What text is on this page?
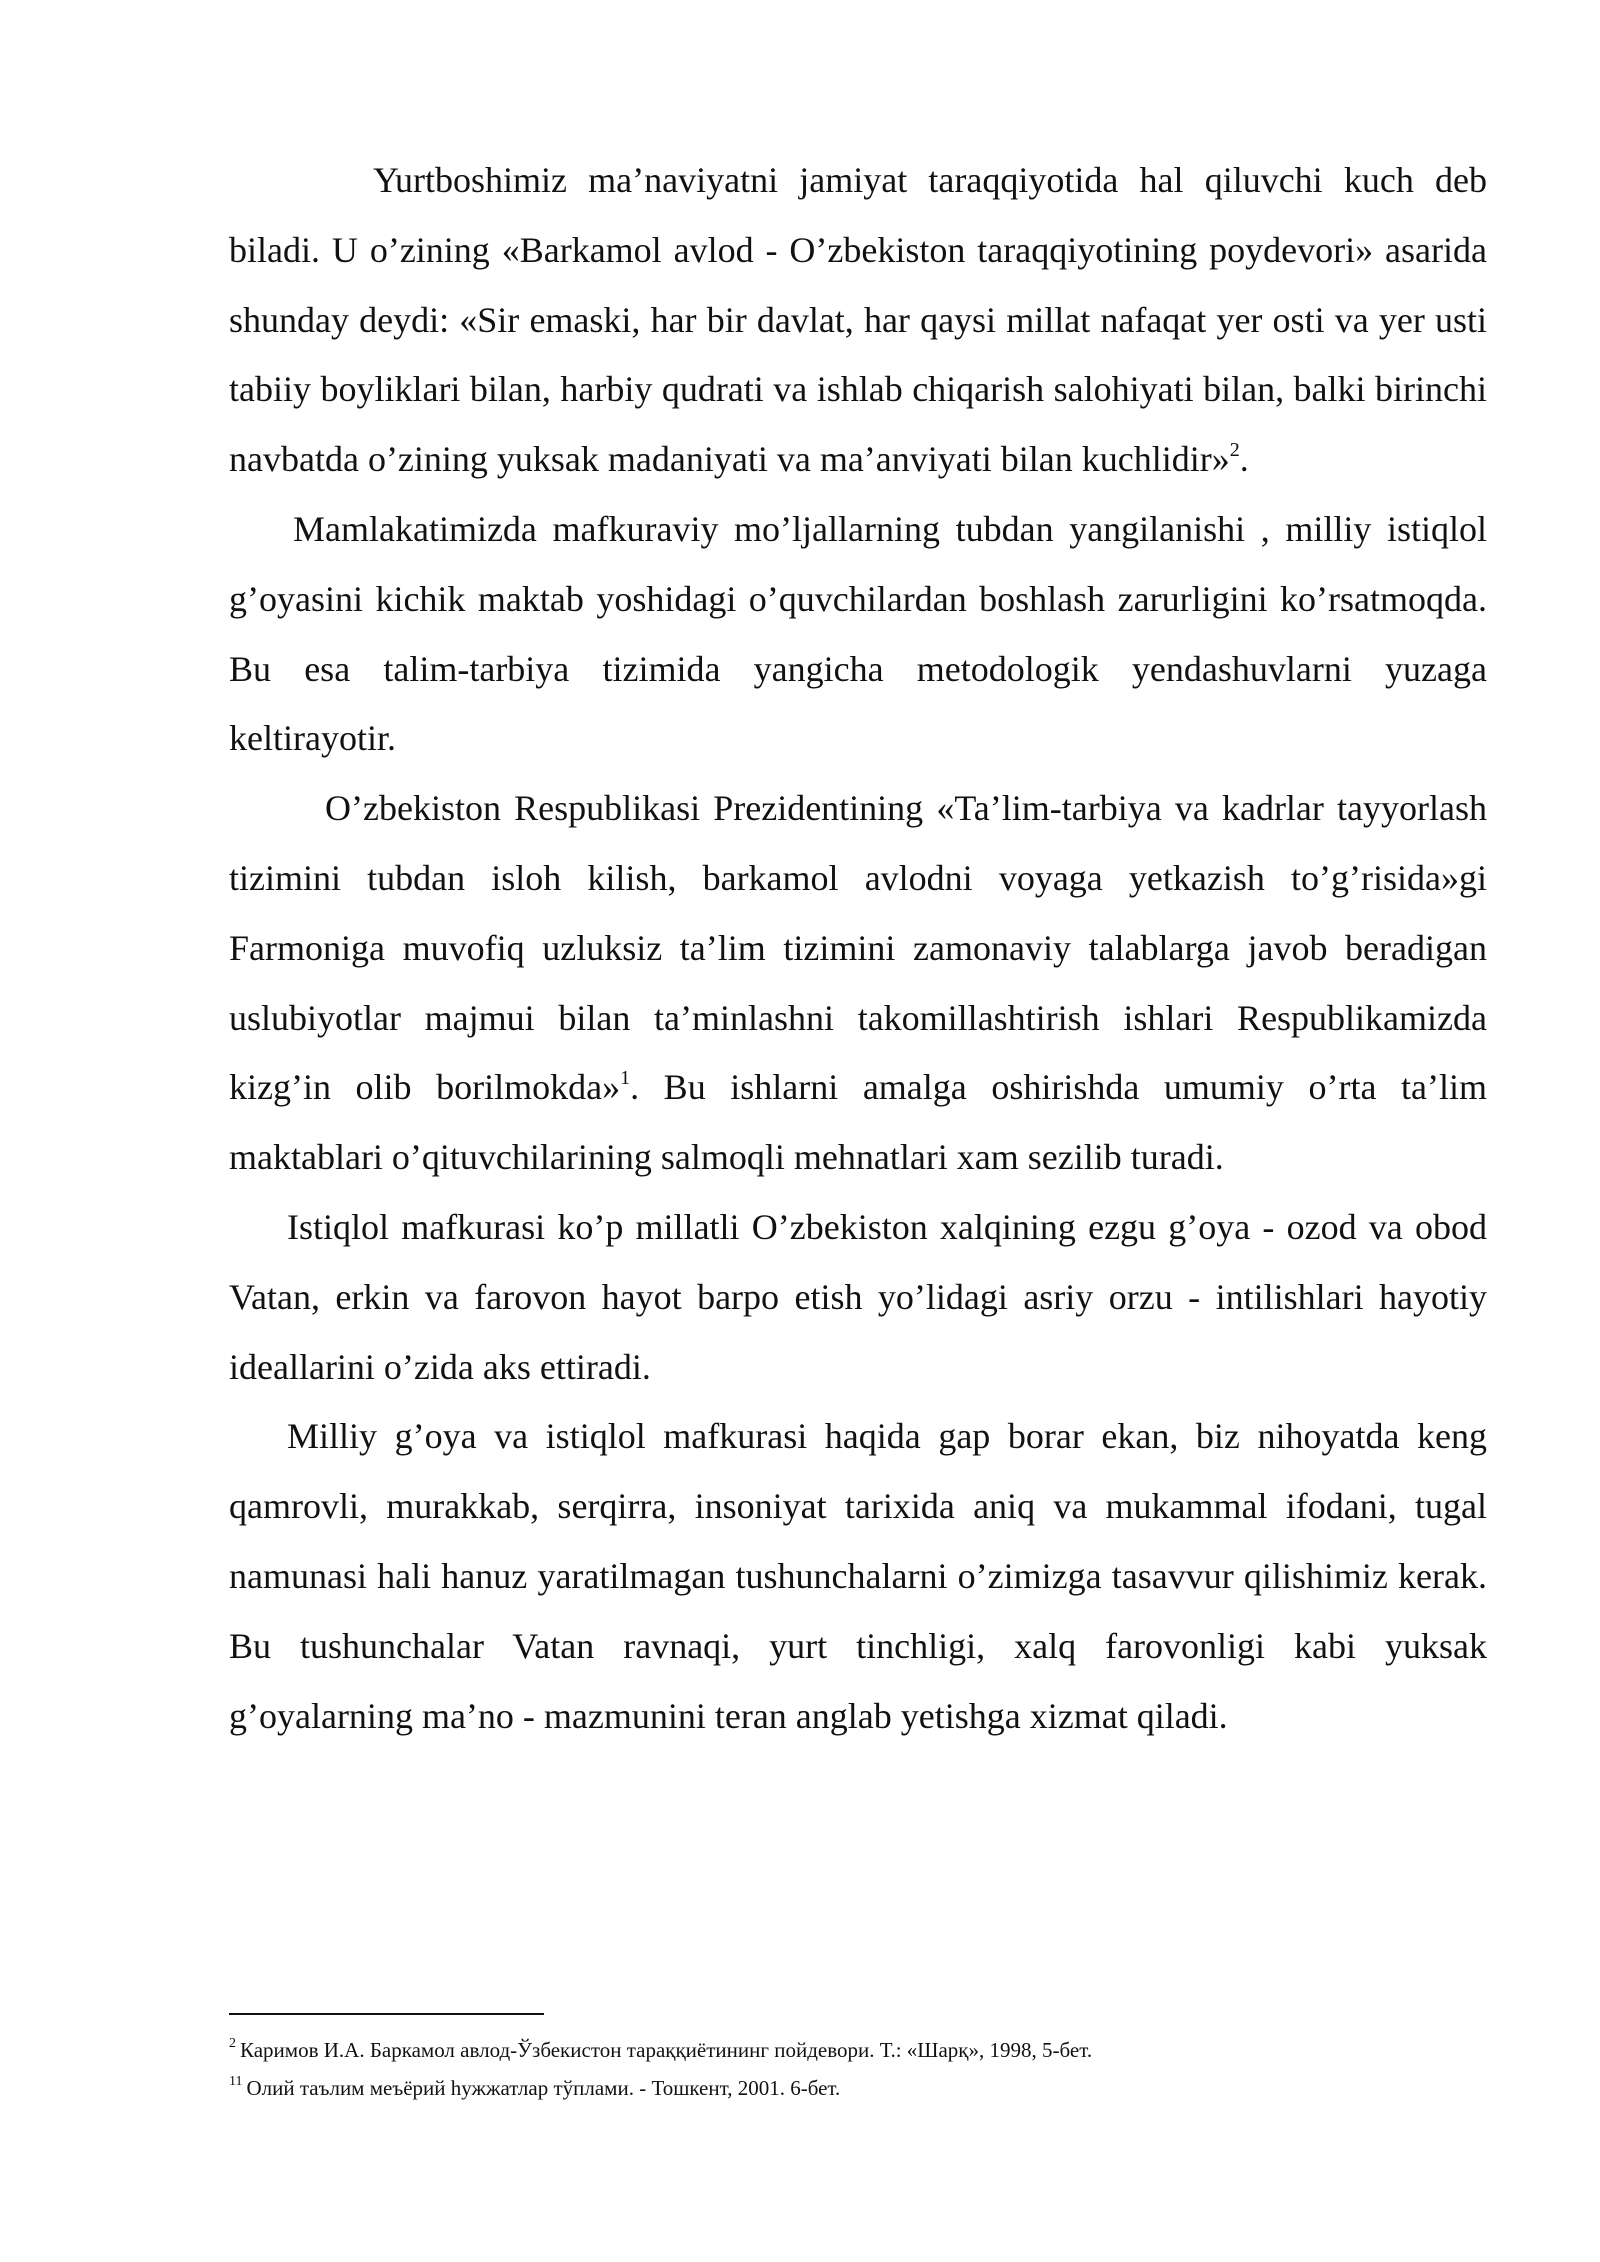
Yurtboshimiz ma’naviyatni jamiyat taraqqiyotida hal qiluvchi kuch deb biladi. U o’zining «Barkamol avlod - O’zbekiston taraqqiyotining poydevori» asarida shunday deydi: «Sir emaski, har bir davlat, har qaysi millat nafaqat yer osti va yer usti tabiiy boyliklari bilan, harbiy qudrati va ishlab chiqarish salohiyati bilan, balki birinchi navbatda o’zining yuksak madaniyati va ma’anviyati bilan kuchlidir»$^2$.

Mamlakatimizda mafkuraviy mo’ljallarning tubdan yangilanishi , milliy istiqlol g’oyasini kichik maktab yoshidagi o’quvchilardan boshlash zarurligini ko’rsatmoqda. Bu esa talim-tarbiya tizimida yangicha metodologik yendashuvlarni yuzaga keltirayotir.

O’zbekiston Respublikasi Prezidentining «Ta’lim-tarbiya va kadrlar tayyorlash tizimini tubdan isloh kilish, barkamol avlodni voyaga yetkazish to’g’risida»gi Farmoniga muvofiq uzluksiz ta’lim tizimini zamonaviy talablarga javob beradigan uslubiyotlar majmui bilan ta’minlashni takomillashtirish ishlari Respublikamizda kizg’in olib borilmokda»$^1$. Bu ishlarni amalga oshirishda umumiy o’rta ta’lim maktablari o’qituvchilarining salmoqli mehnatlari xam sezilib turadi.

Istiqlol mafkurasi ko’p millatli O’zbekiston xalqining ezgu g’oya - ozod va obod Vatan, erkin va farovon hayot barpo etish yo’lidagi asriy orzu - intilishlari hayotiy ideallarini o’zida aks ettiradi.

Milliy g’oya va istiqlol mafkurasi haqida gap borar ekan, biz nihoyatda keng qamrovli, murakkab, serqirra, insoniyat tarixida aniq va mukammal ifodani, tugal namunasi hali hanuz yaratilmagan tushunchalarni o’zimizga tasavvur qilishimiz kerak. Bu tushunchalar Vatan ravnaqi, yurt tinchligi, xalq farovonligi kabi yuksak g’oyalarning ma’no - mazmunini teran anglab yetishga xizmat qiladi.

$^2$ Каримов И.А. Баркамол авлод-Ўзбекистон тараққиётининг пойдевори. Т.: «Шарқ», 1998, 5-бет.

$^{11}$ Олий таълим меъёрий hужжатлар тўплами. - Тошкент, 2001. 6-бет.
